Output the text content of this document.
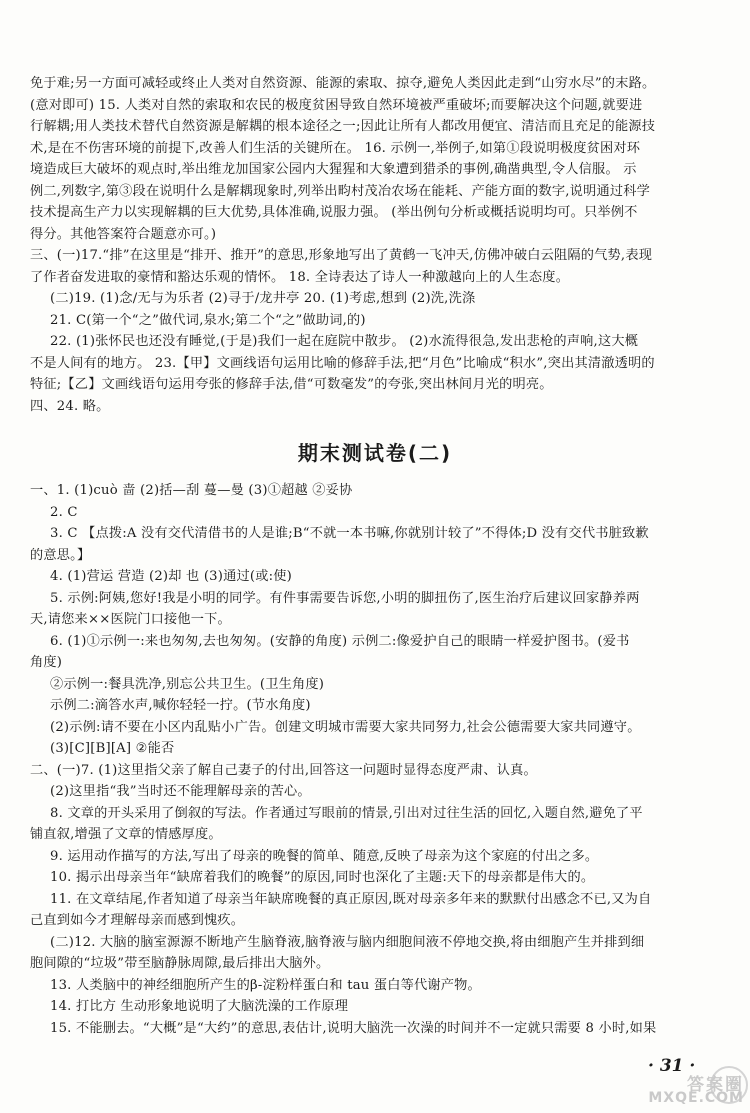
免于难;另一方面可减轻或终止人类对自然资源、能源的索取、掠夺,避免人类因此走到“山穷水尽”的末路。
(意对即可) 15. 人类对自然的索取和农民的极度贫困导致自然环境被严重破坏;而要解决这个问题,就要进
行解耦;用人类技术替代自然资源是解耦的根本途径之一;因此让所有人都改用便宜、清洁而且充足的能源技
术,是在不伤害环境的前提下,改善人们生活的关键所在。 16. 示例一,举例子,如第①段说明极度贫困对环
境造成巨大破坏的观点时,举出维龙加国家公园内大猩猩和大象遭到猎杀的事例,确凿典型,令人信服。 示
例二,列数字,第③段在说明什么是解耦现象时,列举出畇村茂冶农场在能耗、产能方面的数字,说明通过科学
技术提高生产力以实现解耦的巨大优势,具体准确,说服力强。 (举出例句分析或概括说明均可。只举例不
得分。其他答案符合题意亦可。)
三、(一)17.“排”在这里是“排开、推开”的意思,形象地写出了黄鹤一飞冲天,仿佛冲破白云阻隔的气势,表现
了作者奋发进取的豪情和豁达乐观的情怀。 18. 全诗表达了诗人一种激越向上的人生态度。
(二)19. (1)念/无与为乐者 (2)寻于/龙井亭 20. (1)考虑,想到 (2)洗,洗涤
21. C(第一个“之”做代词,泉水;第二个“之”做助词,的)
22. (1)张怀民也还没有睡觉,(于是)我们一起在庭院中散步。 (2)水流得很急,发出悲枪的声响,这大概
不是人间有的地方。 23.【甲】文画线语句运用比喻的修辞手法,把“月色”比喻成“积水”,突出其清澈透明的
特征;【乙】文画线语句运用夸张的修辞手法,借“可数毫发”的夸张,突出林间月光的明亮。
四、24. 略。
期末测试卷(二)
一、1. (1)cuò 啬 (2)括—刮 蔓—曼 (3)①超越 ②妥协
2. C
3. C 【点拨:A 没有交代清借书的人是谁;B“不就一本书嘛,你就别计较了”不得体;D 没有交代书脏致歉
的意思。】
4. (1)营运 营造 (2)却 也 (3)通过(或:使)
5. 示例:阿姨,您好!我是小明的同学。有件事需要告诉您,小明的脚扭伤了,医生治疗后建议回家静养两
天,请您来××医院门口接他一下。
6. (1)①示例一:来也匆匆,去也匆匆。(安静的角度) 示例二:像爱护自己的眼睛一样爱护图书。(爱书
角度)
②示例一:餐具洗净,别忘公共卫生。(卫生角度)
示例二:滴答水声,喊你轻轻一拧。(节水角度)
(2)示例:请不要在小区内乱贴小广告。创建文明城市需要大家共同努力,社会公德需要大家共同遵守。
(3)[C][B][A] ②能否
二、(一)7. (1)这里指父亲了解自己妻子的付出,回答这一问题时显得态度严肃、认真。
(2)这里指“我”当时还不能理解母亲的苦心。
8. 文章的开头采用了倒叙的写法。作者通过写眼前的情景,引出对过往生活的回忆,入题自然,避免了平
铺直叙,增强了文章的情感厚度。
9. 运用动作描写的方法,写出了母亲的晚餐的简单、随意,反映了母亲为这个家庭的付出之多。
10. 揭示出母亲当年“缺席着我们的晚餐”的原因,同时也深化了主题:天下的母亲都是伟大的。
11. 在文章结尾,作者知道了母亲当年缺席晚餐的真正原因,既对母亲多年来的默默付出感念不已,又为自
己直到如今才理解母亲而感到愧疚。
(二)12. 大脑的脑室源源不断地产生脑脊液,脑脊液与脑内细胞间液不停地交换,将由细胞产生并排到细
胞间隙的“垃圾”带至脑静脉周隙,最后排出大脑外。
13. 人类脑中的神经细胞所产生的β-淀粉样蛋白和 tau 蛋白等代谢产物。
14. 打比方 生动形象地说明了大脑洗澡的工作原理
15. 不能删去。“大概”是“大约”的意思,表估计,说明大脑洗一次澡的时间并不一定就只需要 8 小时,如果
· 31 ·
答案圈
MXQE.COM
